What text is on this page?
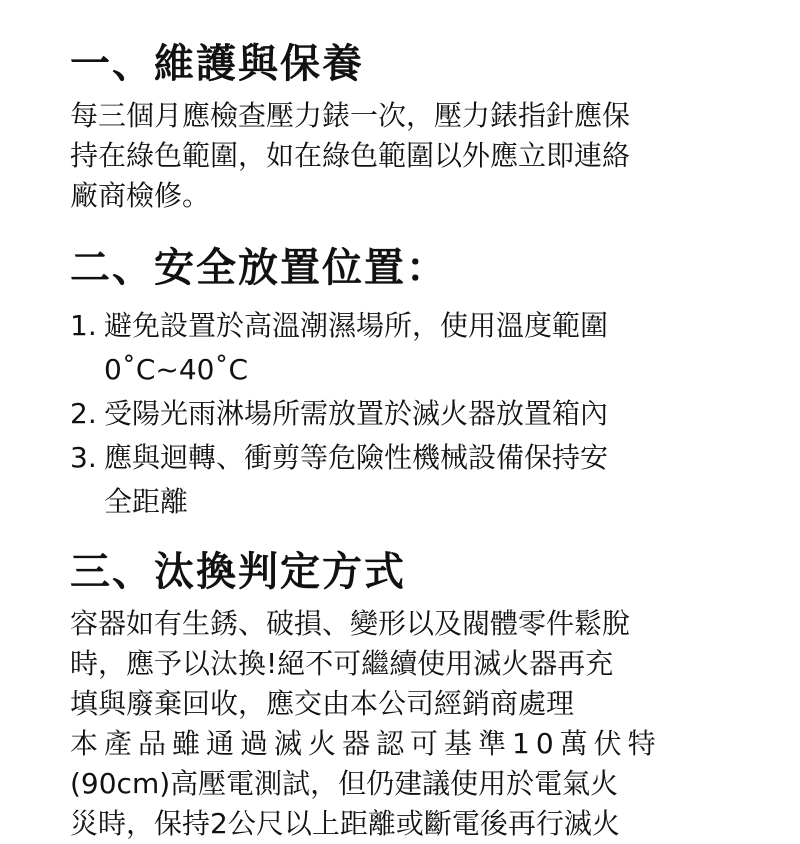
一、維護與保養

每三個月應檢查壓力錶一次，壓力錶指針應保

持在綠色範圍，如在綠色範圍以外應立即連絡

廠商檢修。

二、安全放置位置：
1. 避免設置於高溫潮濕場所，使用溫度範圍
0˚C~40˚C
2. 受陽光雨淋場所需放置於滅火器放置箱內
3. 應與迴轉、衝剪等危險性機械設備保持安
全距離
三、汰換判定方式

容器如有生銹、破損、變形以及閥體零件鬆脫

時，應予以汰換!絕不可繼續使用滅火器再充

填與廢棄回收，應交由本公司經銷商處理

本產品雖通過滅火器認可基準10萬伏特

(90cm)高壓電測試，但仍建議使用於電氣火

災時，保持2公尺以上距離或斷電後再行滅火
